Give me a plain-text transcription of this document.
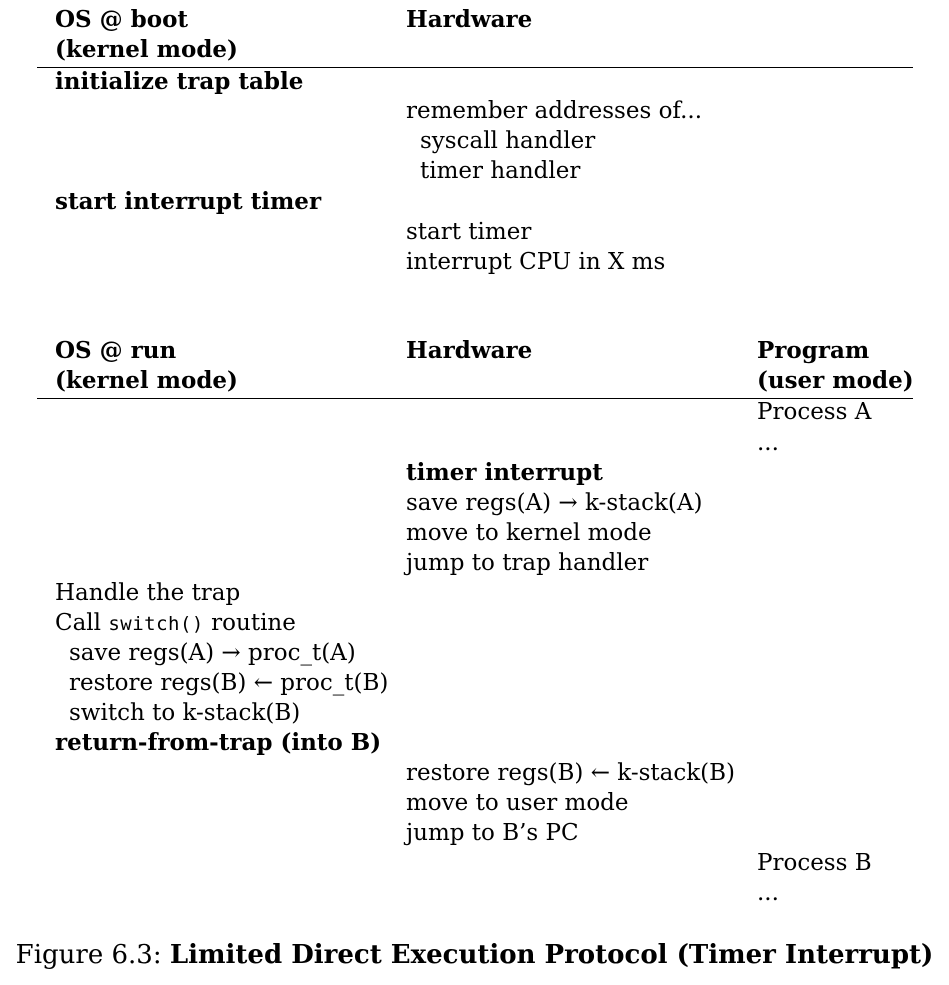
OS @ boot
(kernel mode)
Hardware
initialize trap table
remember addresses of...
syscall handler
timer handler
start interrupt timer
start timer
interrupt CPU in X ms
OS @ run
(kernel mode)
Hardware	Program
(user mode)
Process A
...
timer interrupt
save regs(A) → k-stack(A)
move to kernel mode
jump to trap handler
Handle the trap
Call switch() routine
save regs(A) → proc_t(A)
restore regs(B) ← proc_t(B)
switch to k-stack(B)
return-from-trap (into B)
restore regs(B) ← k-stack(B)
move to user mode
jump to B’s PC
Process B
...
Figure 6.3: Limited Direct Execution Protocol (Timer Interrupt)
